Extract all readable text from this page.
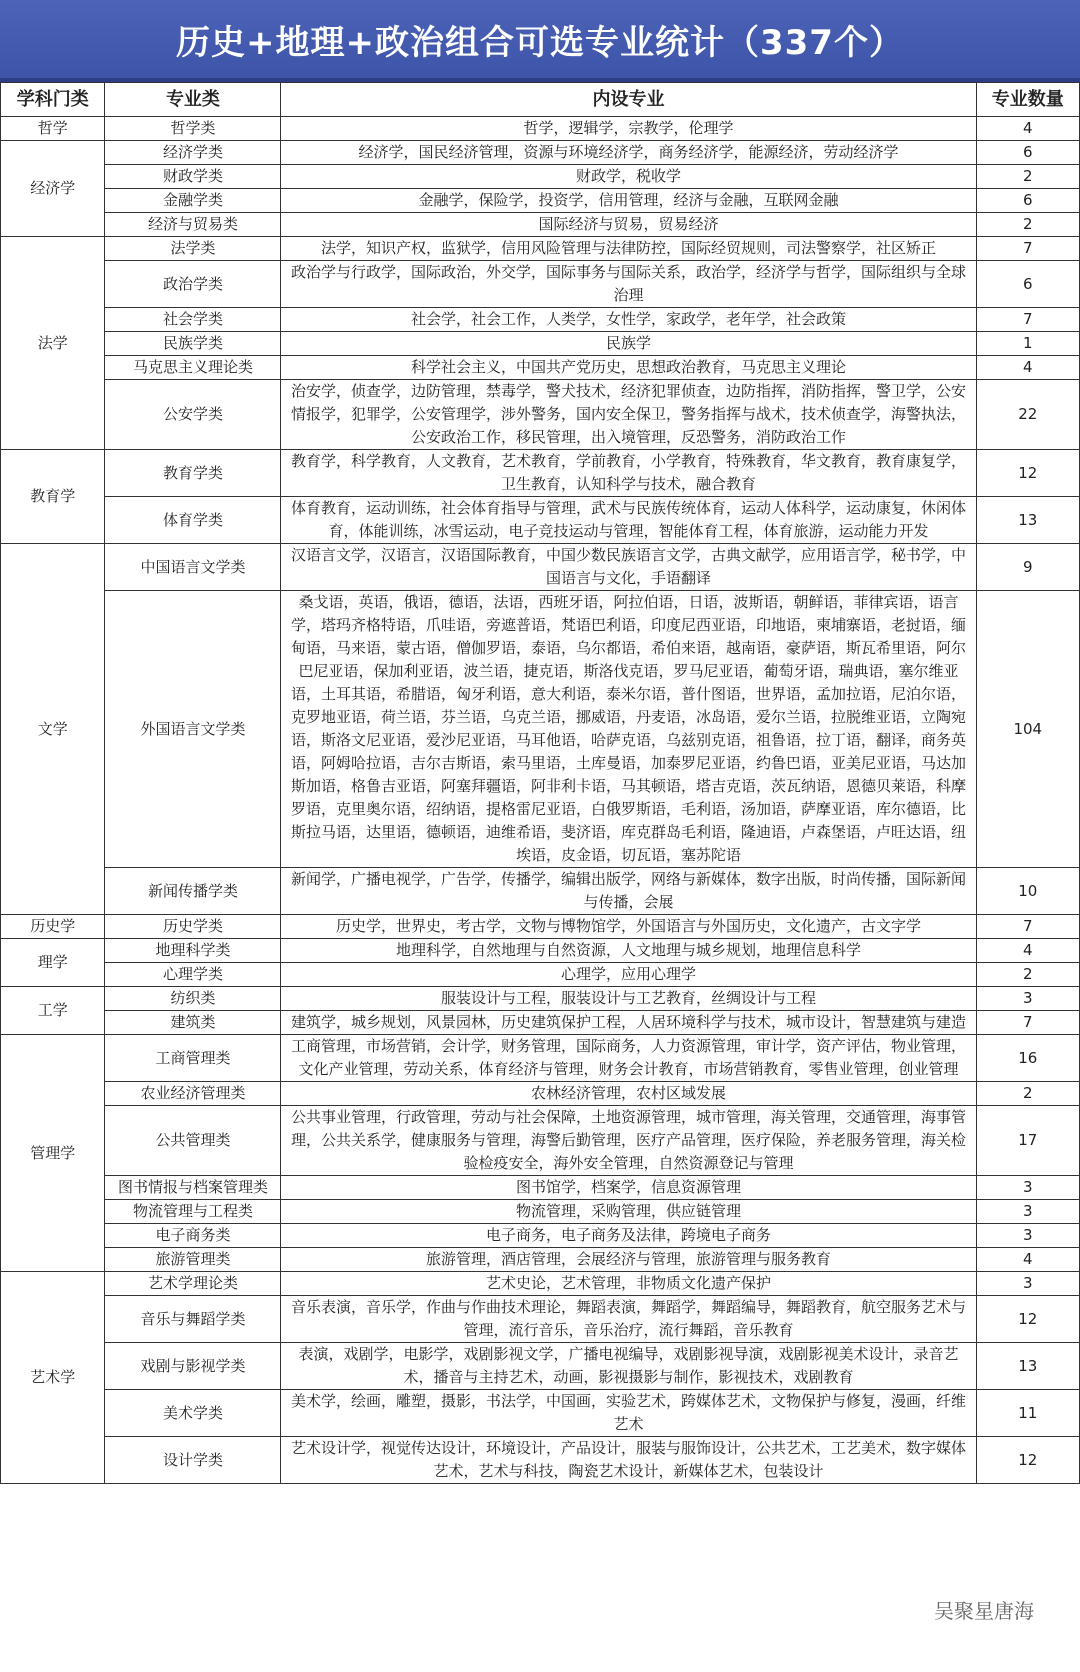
历史+地理+政治组合可选专业统计（337个）
学科门类	专业类	内设专业	专业数量
哲学	哲学类	哲学，逻辑学，宗教学，伦理学	4
经济学	经济学类	经济学，国民经济管理，资源与环境经济学，商务经济学，能源经济，劳动经济学	6
	财政学类	财政学，税收学	2
	金融学类	金融学，保险学，投资学，信用管理，经济与金融，互联网金融	6
	经济与贸易类	国际经济与贸易，贸易经济	2
法学	法学类	法学，知识产权，监狱学，信用风险管理与法律防控，国际经贸规则，司法警察学，社区矫正	7
	政治学类	政治学与行政学，国际政治，外交学，国际事务与国际关系，政治学，经济学与哲学，国际组织与全球治理	6
	社会学类	社会学，社会工作，人类学，女性学，家政学，老年学，社会政策	7
	民族学类	民族学	1
	马克思主义理论类	科学社会主义，中国共产党历史，思想政治教育，马克思主义理论	4
	公安学类	治安学，侦查学，边防管理，禁毒学，警犬技术，经济犯罪侦查，边防指挥，消防指挥，警卫学，公安情报学，犯罪学，公安管理学，涉外警务，国内安全保卫，警务指挥与战术，技术侦查学，海警执法，公安政治工作，移民管理，出入境管理，反恐警务，消防政治工作	22
教育学	教育学类	教育学，科学教育，人文教育，艺术教育，学前教育，小学教育，特殊教育，华文教育，教育康复学，卫生教育，认知科学与技术，融合教育	12
	体育学类	体育教育，运动训练，社会体育指导与管理，武术与民族传统体育，运动人体科学，运动康复，休闲体育，体能训练，冰雪运动，电子竞技运动与管理，智能体育工程，体育旅游，运动能力开发	13
文学	中国语言文学类	汉语言文学，汉语言，汉语国际教育，中国少数民族语言文学，古典文献学，应用语言学，秘书学，中国语言与文化，手语翻译	9
	外国语言文学类	桑戈语，英语，俄语，德语，法语，西班牙语，阿拉伯语，日语，波斯语，朝鲜语，菲律宾语，语言学，塔玛齐格特语，爪哇语，旁遮普语，梵语巴利语，印度尼西亚语，印地语，柬埔寨语，老挝语，缅甸语，马来语，蒙古语，僧伽罗语，泰语，乌尔都语，希伯来语，越南语，豪萨语，斯瓦希里语，阿尔巴尼亚语，保加利亚语，波兰语，捷克语，斯洛伐克语，罗马尼亚语，葡萄牙语，瑞典语，塞尔维亚语，土耳其语，希腊语，匈牙利语，意大利语，泰米尔语，普什图语，世界语，孟加拉语，尼泊尔语，克罗地亚语，荷兰语，芬兰语，乌克兰语，挪威语，丹麦语，冰岛语，爱尔兰语，拉脱维亚语，立陶宛语，斯洛文尼亚语，爱沙尼亚语，马耳他语，哈萨克语，乌兹别克语，祖鲁语，拉丁语，翻译，商务英语，阿姆哈拉语，吉尔吉斯语，索马里语，土库曼语，加泰罗尼亚语，约鲁巴语，亚美尼亚语，马达加斯加语，格鲁吉亚语，阿塞拜疆语，阿非利卡语，马其顿语，塔吉克语，茨瓦纳语，恩德贝莱语，科摩罗语，克里奥尔语，绍纳语，提格雷尼亚语，白俄罗斯语，毛利语，汤加语，萨摩亚语，库尔德语，比斯拉马语，达里语，德顿语，迪维希语，斐济语，库克群岛毛利语，隆迪语，卢森堡语，卢旺达语，纽埃语，皮金语，切瓦语，塞苏陀语	104
	新闻传播学类	新闻学，广播电视学，广告学，传播学，编辑出版学，网络与新媒体，数字出版，时尚传播，国际新闻与传播，会展	10
历史学	历史学类	历史学，世界史，考古学，文物与博物馆学，外国语言与外国历史，文化遗产，古文字学	7
理学	地理科学类	地理科学，自然地理与自然资源，人文地理与城乡规划，地理信息科学	4
	心理学类	心理学，应用心理学	2
工学	纺织类	服装设计与工程，服装设计与工艺教育，丝绸设计与工程	3
	建筑类	建筑学，城乡规划，风景园林，历史建筑保护工程，人居环境科学与技术，城市设计，智慧建筑与建造	7
管理学	工商管理类	工商管理，市场营销，会计学，财务管理，国际商务，人力资源管理，审计学，资产评估，物业管理，文化产业管理，劳动关系，体育经济与管理，财务会计教育，市场营销教育，零售业管理，创业管理	16
	农业经济管理类	农林经济管理，农村区域发展	2
	公共管理类	公共事业管理，行政管理，劳动与社会保障，土地资源管理，城市管理，海关管理，交通管理，海事管理，公共关系学，健康服务与管理，海警后勤管理，医疗产品管理，医疗保险，养老服务管理，海关检验检疫安全，海外安全管理，自然资源登记与管理	17
	图书情报与档案管理类	图书馆学，档案学，信息资源管理	3
	物流管理与工程类	物流管理，采购管理，供应链管理	3
	电子商务类	电子商务，电子商务及法律，跨境电子商务	3
	旅游管理类	旅游管理，酒店管理，会展经济与管理，旅游管理与服务教育	4
艺术学	艺术学理论类	艺术史论，艺术管理，非物质文化遗产保护	3
	音乐与舞蹈学类	音乐表演，音乐学，作曲与作曲技术理论，舞蹈表演，舞蹈学，舞蹈编导，舞蹈教育，航空服务艺术与管理，流行音乐，音乐治疗，流行舞蹈，音乐教育	12
	戏剧与影视学类	表演，戏剧学，电影学，戏剧影视文学，广播电视编导，戏剧影视导演，戏剧影视美术设计，录音艺术，播音与主持艺术，动画，影视摄影与制作，影视技术，戏剧教育	13
	美术学类	美术学，绘画，雕塑，摄影，书法学，中国画，实验艺术，跨媒体艺术，文物保护与修复，漫画，纤维艺术	11
	设计学类	艺术设计学，视觉传达设计，环境设计，产品设计，服装与服饰设计，公共艺术，工艺美术，数字媒体艺术，艺术与科技，陶瓷艺术设计，新媒体艺术，包装设计	12
吴聚星唐海
